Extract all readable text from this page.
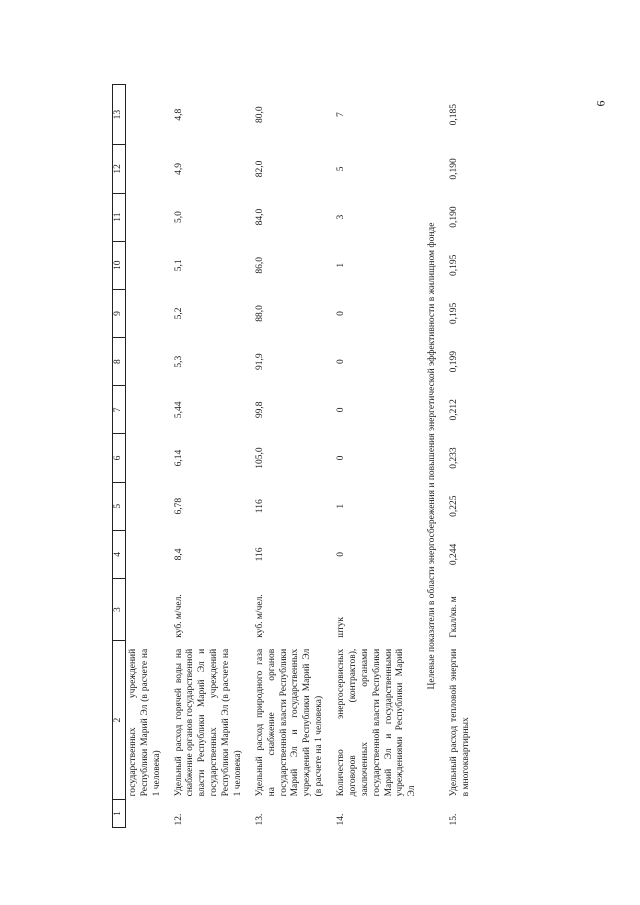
6
1	2	3	4	5	6	7	8	9	10	11	12	13
	государственных учреждений Республики Марий Эл (в расчете на 1 человека)											
12.	Удельный расход горячей воды на снабжение органов государственной власти Республики Марий Эл и государственных учреждений Республики Марий Эл (в расчете на 1 человека)	куб. м/чел.	8,4	6,78	6,14	5,44	5,3	5,2	5,1	5,0	4,9	4,8
13.	Удельный расход природного газа на снабжение органов государственной власти Республики Марий Эл и государственных учреждений Республики Марий Эл (в расчете на 1 человека)	куб. м/чел.	116	116	105,0	99,8	91,9	88,0	86,0	84,0	82,0	80,0
14.	Количество энергосервисных договоров (контрактов), заключенных органами государственной власти Республики Марий Эл и государственными учреждениями Республики Марий Эл	штук	0	1	0	0	0	0	1	3	5	7
Целевые показатели в области энергосбережения и повышения энергетической эффективности в жилищном фонде												
15.	Удельный расход тепловой энергии в многоквартирных	Гкал/кв. м	0,244	0,225	0,233	0,212	0,199	0,195	0,195	0,190	0,190	0,185
